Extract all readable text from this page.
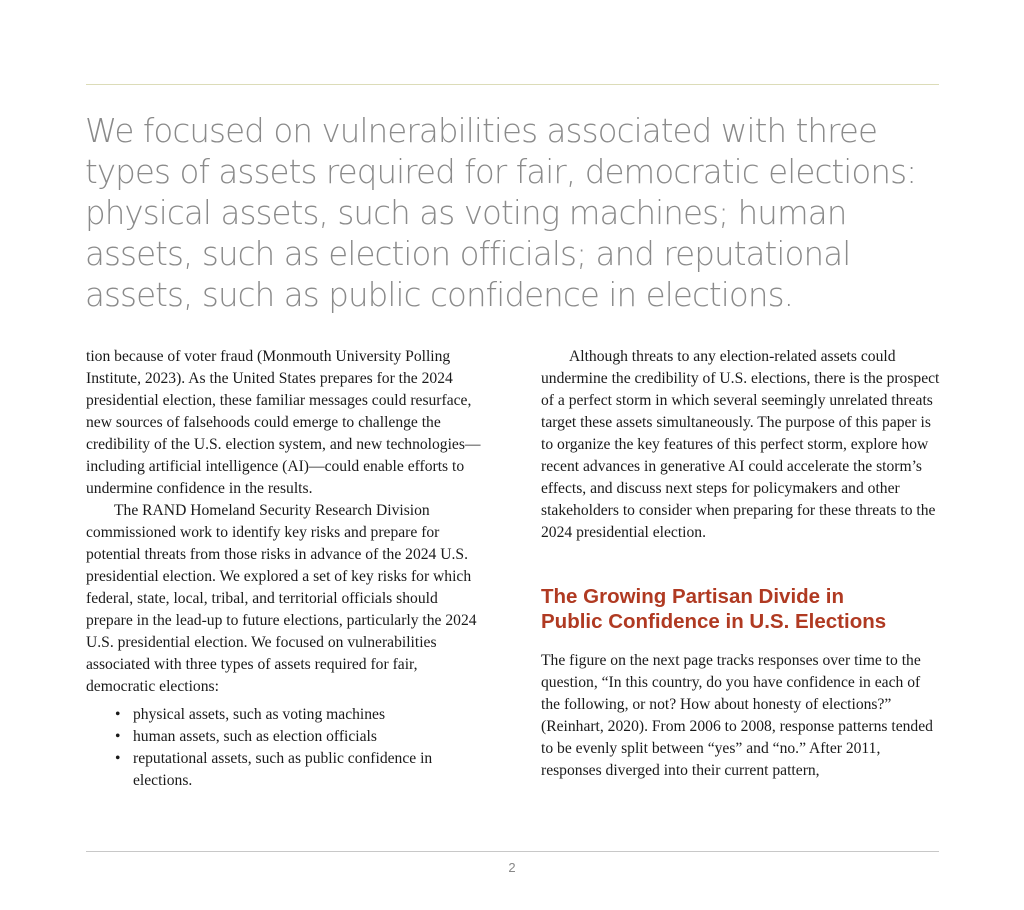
We focused on vulnerabilities associated with three types of assets required for fair, democratic elections: physical assets, such as voting machines; human assets, such as election officials; and reputational assets, such as public confidence in elections.

tion because of voter fraud (Monmouth University Polling Institute, 2023). As the United States prepares for the 2024 presidential election, these familiar messages could resurface, new sources of falsehoods could emerge to challenge the credibility of the U.S. election system, and new technologies—including artificial intelligence (AI)—could enable efforts to undermine confidence in the results.

The RAND Homeland Security Research Division commissioned work to identify key risks and prepare for potential threats from those risks in advance of the 2024 U.S. presidential election. We explored a set of key risks for which federal, state, local, tribal, and territorial officials should prepare in the lead-up to future elections, particularly the 2024 U.S. presidential election. We focused on vulnerabilities associated with three types of assets required for fair, democratic elections:

• physical assets, such as voting machines
• human assets, such as election officials
• reputational assets, such as public confidence in elections.

Although threats to any election-related assets could undermine the credibility of U.S. elections, there is the prospect of a perfect storm in which several seemingly unrelated threats target these assets simultaneously. The purpose of this paper is to organize the key features of this perfect storm, explore how recent advances in generative AI could accelerate the storm’s effects, and discuss next steps for policymakers and other stakeholders to consider when preparing for these threats to the 2024 presidential election.

The Growing Partisan Divide in
Public Confidence in U.S. Elections

The figure on the next page tracks responses over time to the question, “In this country, do you have confidence in each of the following, or not? How about honesty of elections?” (Reinhart, 2020). From 2006 to 2008, response patterns tended to be evenly split between “yes” and “no.” After 2011, responses diverged into their current pattern,

2
